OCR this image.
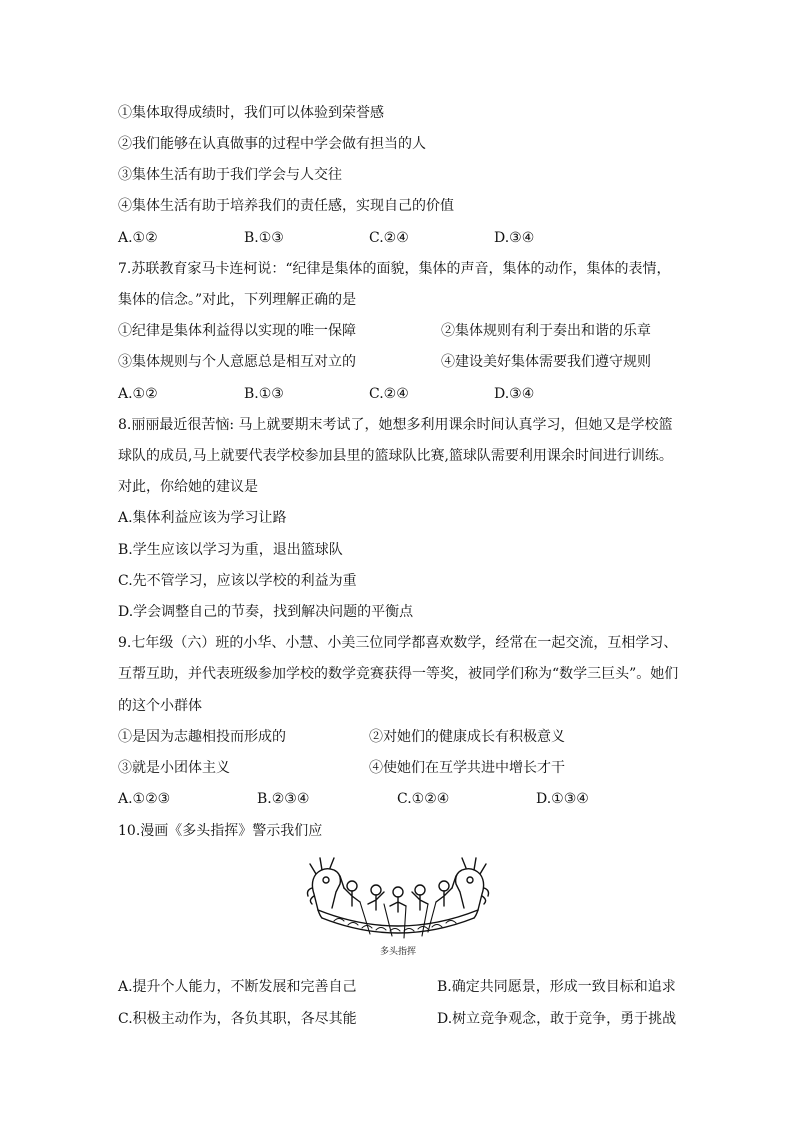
①集体取得成绩时，我们可以体验到荣誉感
②我们能够在认真做事的过程中学会做有担当的人
③集体生活有助于我们学会与人交往
④集体生活有助于培养我们的责任感，实现自己的价值
A.①②	B.①③	C.②④	D.③④
7.苏联教育家马卡连柯说：“纪律是集体的面貌，集体的声音，集体的动作，集体的表情，
集体的信念。”对此，下列理解正确的是
①纪律是集体利益得以实现的唯一保障	②集体规则有利于奏出和谐的乐章
③集体规则与个人意愿总是相互对立的	④建设美好集体需要我们遵守规则
A.①②	B.①③	C.②④	D.③④
8.丽丽最近很苦恼: 马上就要期末考试了，她想多利用课余时间认真学习，但她又是学校篮
球队的成员,马上就要代表学校参加县里的篮球队比赛,篮球队需要利用课余时间进行训练。
对此，你给她的建议是
A.集体利益应该为学习让路
B.学生应该以学习为重，退出篮球队
C.先不管学习，应该以学校的利益为重
D.学会调整自己的节奏，找到解决问题的平衡点
9.七年级（六）班的小华、小慧、小美三位同学都喜欢数学，经常在一起交流，互相学习、
互帮互助，并代表班级参加学校的数学竞赛获得一等奖，被同学们称为“数学三巨头”。她们
的这个小群体
①是因为志趣相投而形成的	②对她们的健康成长有积极意义
③就是小团体主义	④使她们在互学共进中增长才干
A.①②③	B.②③④	C.①②④	D.①③④
10.漫画《多头指挥》警示我们应
多头指挥
A.提升个人能力，不断发展和完善自己	B.确定共同愿景，形成一致目标和追求
C.积极主动作为，各负其职，各尽其能	D.树立竞争观念，敢于竞争，勇于挑战
